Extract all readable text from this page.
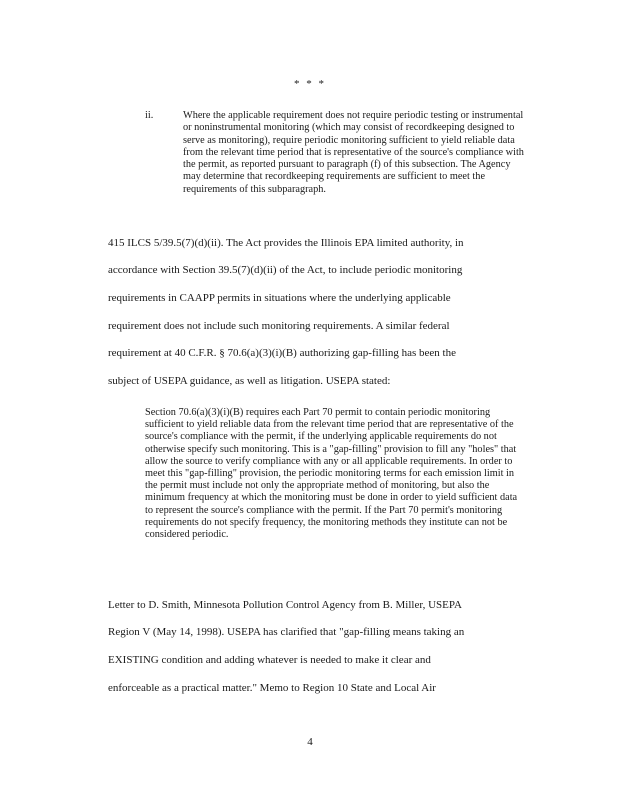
* * *
ii.	Where the applicable requirement does not require periodic testing or instrumental or noninstrumental monitoring (which may consist of recordkeeping designed to serve as monitoring), require periodic monitoring sufficient to yield reliable data from the relevant time period that is representative of the source's compliance with the permit, as reported pursuant to paragraph (f) of this subsection. The Agency may determine that recordkeeping requirements are sufficient to meet the requirements of this subparagraph.
415 ILCS 5/39.5(7)(d)(ii). The Act provides the Illinois EPA limited authority, in
accordance with Section 39.5(7)(d)(ii) of the Act, to include periodic monitoring
requirements in CAAPP permits in situations where the underlying applicable
requirement does not include such monitoring requirements. A similar federal
requirement at 40 C.F.R. § 70.6(a)(3)(i)(B) authorizing gap-filling has been the
subject of USEPA guidance, as well as litigation. USEPA stated:
Section 70.6(a)(3)(i)(B) requires each Part 70 permit to contain periodic monitoring sufficient to yield reliable data from the relevant time period that are representative of the source's compliance with the permit, if the underlying applicable requirements do not otherwise specify such monitoring. This is a "gap-filling" provision to fill any "holes" that allow the source to verify compliance with any or all applicable requirements. In order to meet this "gap-filling" provision, the periodic monitoring terms for each emission limit in the permit must include not only the appropriate method of monitoring, but also the minimum frequency at which the monitoring must be done in order to yield sufficient data to represent the source's compliance with the permit. If the Part 70 permit's monitoring requirements do not specify frequency, the monitoring methods they institute can not be considered periodic.
Letter to D. Smith, Minnesota Pollution Control Agency from B. Miller, USEPA
Region V (May 14, 1998). USEPA has clarified that "gap-filling means taking an
EXISTING condition and adding whatever is needed to make it clear and
enforceable as a practical matter." Memo to Region 10 State and Local Air
4
